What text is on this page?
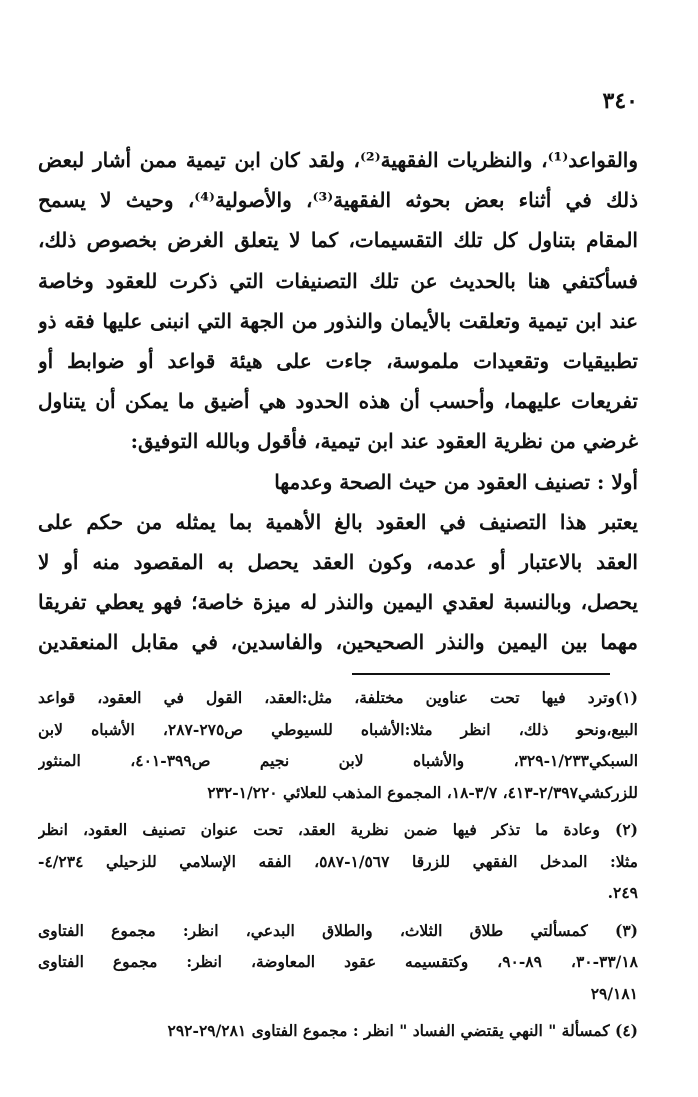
٣٤٠
والقواعد⁽¹⁾، والنظريات الفقهية⁽²⁾، ولقد كان ابن تيمية ممن أشار لبعض
ذلك في أثناء بعض بحوثه الفقهية⁽³⁾، والأصولية⁽⁴⁾، وحيث لا يسمح
المقام بتناول كل تلك التقسيمات، كما لا يتعلق الغرض بخصوص ذلك،
فسأكتفي هنا بالحديث عن تلك التصنيفات التي ذكرت للعقود وخاصة
عند ابن تيمية وتعلقت بالأيمان والنذور من الجهة التي انبنى عليها فقه ذو
تطبيقيات وتقعيدات ملموسة، جاءت على هيئة قواعد أو ضوابط أو
تفريعات عليهما، وأحسب أن هذه الحدود هي أضيق ما يمكن أن يتناول
غرضي من نظرية العقود عند ابن تيمية، فأقول وبالله التوفيق:
أولا : تصنيف العقود من حيث الصحة وعدمها
يعتبر هذا التصنيف في العقود بالغ الأهمية بما يمثله من حكم على
العقد بالاعتبار أو عدمه، وكون العقد يحصل به المقصود منه أو لا
يحصل، وبالنسبة لعقدي اليمين والنذر له ميزة خاصة؛ فهو يعطي تفريقا
مهما بين اليمين والنذر الصحيحين، والفاسدين، في مقابل المنعقدين
(١)وترد فيها تحت عناوين مختلفة، مثل:العقد، القول في العقود، قواعد
البيع،ونحو ذلك، انظر مثلا:الأشباه للسيوطي ص٢٧٥-٢٨٧، الأشباه لابن
السبكي١/٢٣٣-٣٢٩، والأشباه لابن نجيم ص٣٩٩-٤٠١، المنثور
للزركشي٢/٣٩٧-٤١٣، ٣/٧-١٨، المجموع المذهب للعلائي ١/٢٢٠-٢٣٢
(٢) وعادة ما تذكر فيها ضمن نظرية العقد، تحت عنوان تصنيف العقود، انظر
مثلا: المدخل الفقهي للزرقا ١/٥٦٧-٥٨٧، الفقه الإسلامي للزحيلي ٤/٢٣٤-
٢٤٩.
(٣) كمسألتي طلاق الثلاث، والطلاق البدعي، انظر: مجموع الفتاوى
٣٣/١٨-٣٠، ٨٩-٩٠، وكتقسيمه عقود المعاوضة، انظر: مجموع الفتاوى
٢٩/١٨١
(٤) كمسألة " النهي يقتضي الفساد " انظر : مجموع الفتاوى ٢٩/٢٨١-٢٩٢
